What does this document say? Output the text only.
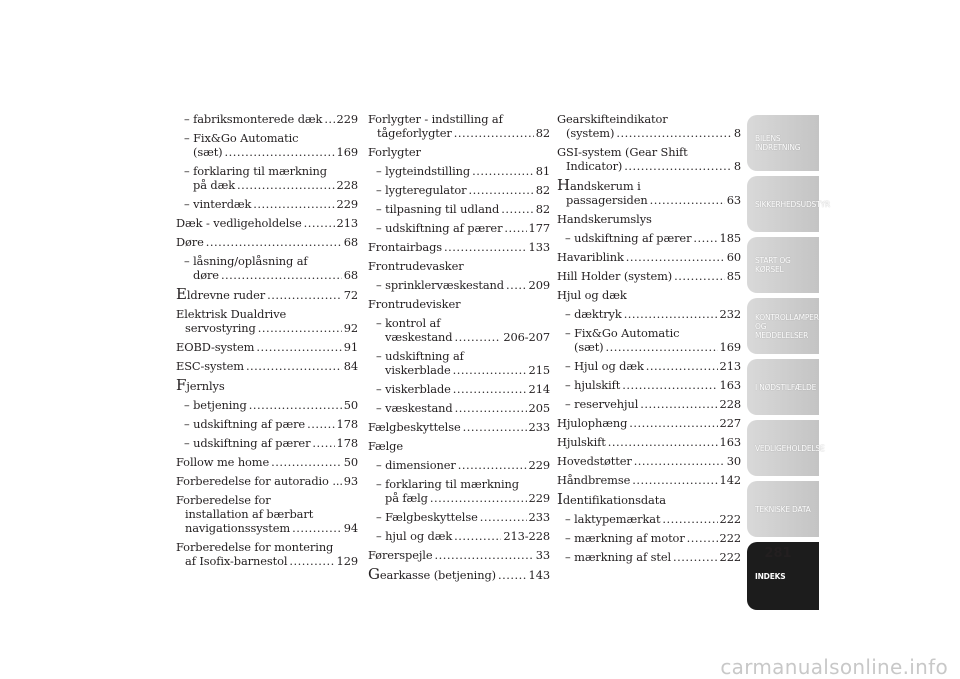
– fabriksmonterede dæk ..... 229
– Fix&Go Automatic
(sæt) .....	169
– forklaring til mærkning
på dæk .....	228
– vinterdæk .....	229
Dæk - vedligeholdelse .....	213
Døre .....	68
– låsning/oplåsning af
døre .....	68
Eldrevne ruder .....	72
Elektrisk Dualdrive
servostyring .....	92
EOBD-system .....	91
ESC-system .....	84
Fjernlys
– betjening .....	50
– udskiftning af pære .....	178
– udskiftning af pærer ..... 178
Follow me home .....	50
Forberedelse for autoradio ... 93
Forberedelse for
installation af bærbart
navigationssystem .....	94
Forberedelse for montering
af Isofix-barnestol .....	129
Forlygter - indstilling af
tågeforlygter .....	82
Forlygter
– lygteindstilling .....	81
– lygteregulator .....	82
– tilpasning til udland .....	82
– udskiftning af pærer ..... 177
Frontairbags .....	133
Frontrudevasker
– sprinklervæskestand ..... 209
Frontrudevisker
– kontrol af
væskestand .....	206-207
– udskiftning af
viskerblade .....	215
– viskerblade .....	214
– væskestand .....	205
Fælgbeskyttelse .....	233
Fælge
– dimensioner .....	229
– forklaring til mærkning
på fælg .....	229
– Fælgbeskyttelse .....	233
– hjul og dæk .....	213-228
Førerspejle .....	33
Gearkasse (betjening) .....	143
Gearskifteindikator
(system) .....	8
GSI-system (Gear Shift
Indicator) .....	8
Handskerum i
passagersiden .....	63
Handskerumslys
– udskiftning af pærer ..... 185
Havariblink .....	60
Hill Holder (system) .....	85
Hjul og dæk
– dæktryk .....	232
– Fix&Go Automatic
(sæt) .....	169
– Hjul og dæk .....	213
– hjulskift .....	163
– reservehjul .....	228
Hjulophæng .....	227
Hjulskift .....	163
Hovedstøtter .....	30
Håndbremse .....	142
Identifikationsdata
– laktypemærkat .....	222
– mærkning af motor .....	222
– mærkning af stel .....	222
BILENS
INDRETNING
SIKKERHEDSUDSTYR
START OG KØRSEL
KONTROLLAMPER
OG MEDDELELSER
I NØDSTILFÆLDE
VEDLIGEHOLDELSE
TEKNISKE DATA
INDEKS
281
carmanualsonline.info
